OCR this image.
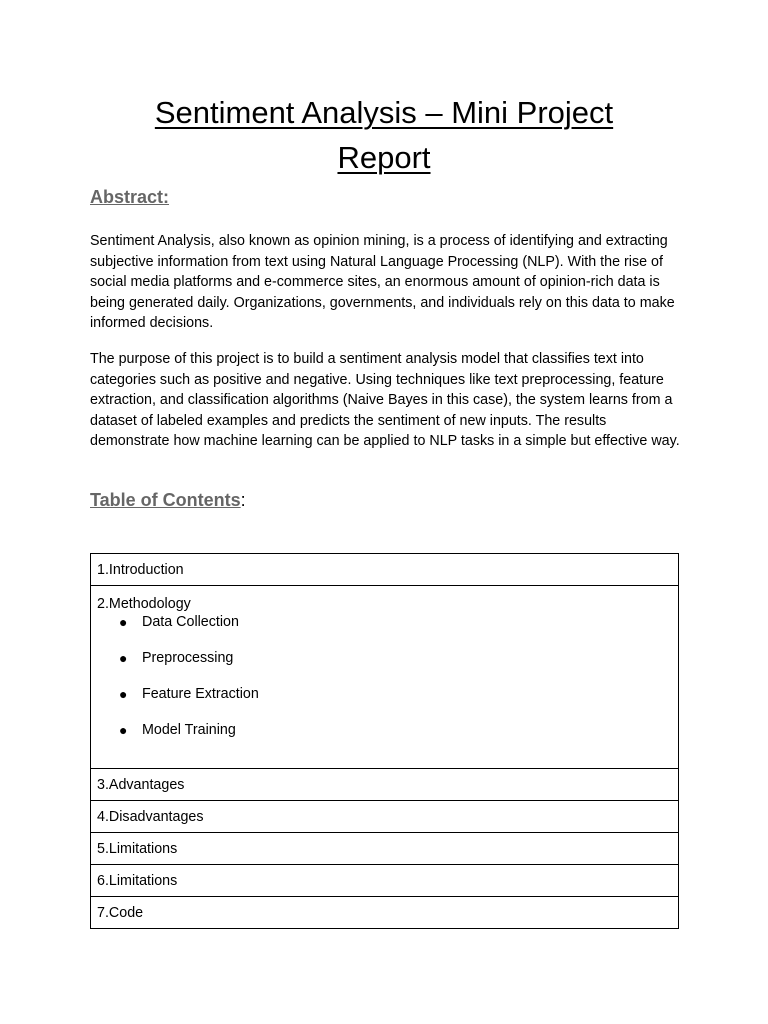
Sentiment Analysis – Mini Project
Report
Abstract:

Sentiment Analysis, also known as opinion mining, is a process of identifying and extracting subjective information from text using Natural Language Processing (NLP). With the rise of social media platforms and e-commerce sites, an enormous amount of opinion-rich data is being generated daily. Organizations, governments, and individuals rely on this data to make informed decisions.

The purpose of this project is to build a sentiment analysis model that classifies text into categories such as positive and negative. Using techniques like text preprocessing, feature extraction, and classification algorithms (Naive Bayes in this case), the system learns from a dataset of labeled examples and predicts the sentiment of new inputs. The results demonstrate how machine learning can be applied to NLP tasks in a simple but effective way.

Table of Contents:
1.Introduction

2.Methodology
● Data Collection
● Preprocessing
● Feature Extraction
● Model Training

3.Advantages
4.Disadvantages
5.Limitations
6.Limitations
7.Code
